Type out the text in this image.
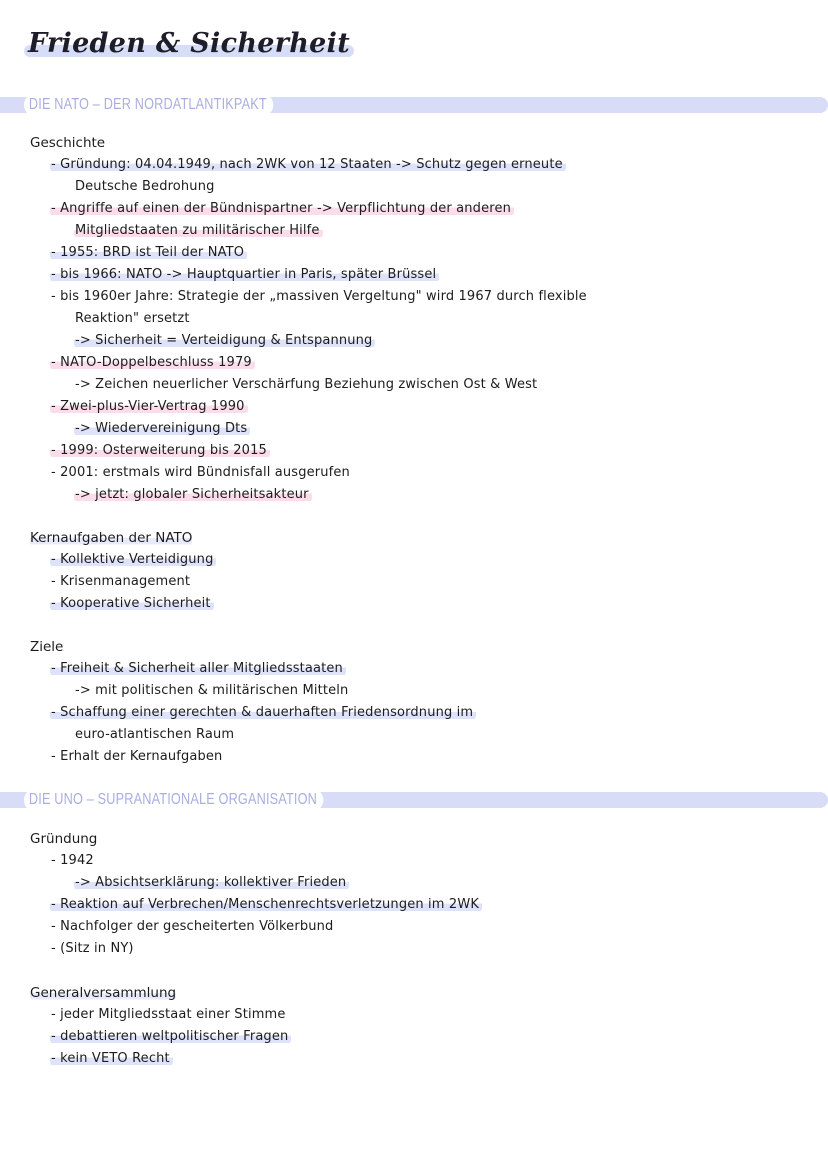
Frieden & Sicherheit
DIE NATO – DER NORDATLANTIKPAKT
Geschichte
- Gründung: 04.04.1949, nach 2WK von 12 Staaten -> Schutz gegen erneute
Deutsche Bedrohung
- Angriffe auf einen der Bündnispartner -> Verpflichtung der anderen
Mitgliedstaaten zu militärischer Hilfe
- 1955: BRD ist Teil der NATO
- bis 1966: NATO -> Hauptquartier in Paris, später Brüssel
- bis 1960er Jahre: Strategie der „massiven Vergeltung" wird 1967 durch flexible
Reaktion" ersetzt
-> Sicherheit = Verteidigung & Entspannung
- NATO-Doppelbeschluss 1979
-> Zeichen neuerlicher Verschärfung Beziehung zwischen Ost & West
- Zwei-plus-Vier-Vertrag 1990
-> Wiedervereinigung Dts
- 1999: Osterweiterung bis 2015
- 2001: erstmals wird Bündnisfall ausgerufen
-> jetzt: globaler Sicherheitsakteur
Kernaufgaben der NATO
- Kollektive Verteidigung
- Krisenmanagement
- Kooperative Sicherheit
Ziele
- Freiheit & Sicherheit aller Mitgliedsstaaten
-> mit politischen & militärischen Mitteln
- Schaffung einer gerechten & dauerhaften Friedensordnung im
euro-atlantischen Raum
- Erhalt der Kernaufgaben
DIE UNO – SUPRANATIONALE ORGANISATION
Gründung
- 1942
-> Absichtserklärung: kollektiver Frieden
- Reaktion auf Verbrechen/Menschenrechtsverletzungen im 2WK
- Nachfolger der gescheiterten Völkerbund
- (Sitz in NY)
Generalversammlung
- jeder Mitgliedsstaat einer Stimme
- debattieren weltpolitischer Fragen
- kein VETO Recht
